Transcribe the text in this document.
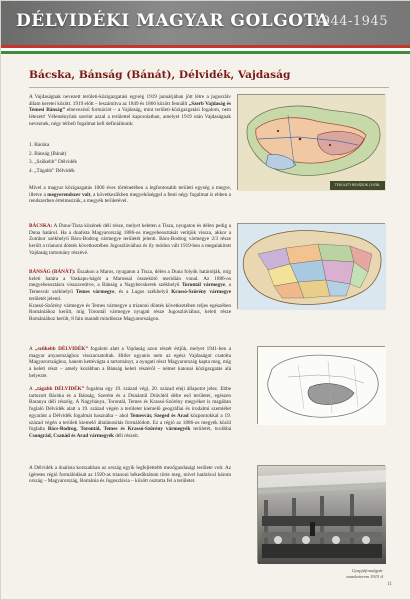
DÉLVIDÉKI MAGYAR GOLGOTA
1944-1945
Bácska, Bánság (Bánát), Délvidék, Vajdaság

A Vajdaságnak nevezett területi-közigazgatási egység 1919 januárjában jött létre a jugoszláv állam keretei között. 1919 előtt – leszámítva az 1849 és 1860 között fennállt „Szerb Vajdaság és Temesi Bánság” elnevezésű formációt – a Vajdaság, mint területi-közigazgatási fogalom, nem létezett! Véleményünk szerint azzal a területtel kapcsolatban, amelyet 1919 után Vajdaságnak neveznek, négy térbeli fogalmat kell definiálnunk:

1. Bácska

2. Bánság (Bánát)

3. „Szűkebb” Délvidék

4. „Tágabb” Délvidék

Mivel a magyar közigazgatás 1000 éves történetében a legfontosabb területi egység a megye, illetve a megyerendszer volt, a következőkben megyehűséggel a fenti négy fogalmat is ebben a rendszerben értelmezzük, a megyék területével.

BÁCSKA: A Duna-Tisza közének déli része, melyet keleten a Tisza, nyugaton és délen pedig a Duna határol. Ha a dualista Magyarország 1886-os megyebeosztását vetítjük vissza, akkor a Zombor székhelyű Bács-Bodrog vármegye területét jelenti. Bács-Bodrog vármegye 2/3 része került a trianoni döntés következtében Jugoszláviához és ily módon vált 1919-ben a megalakított Vajdaság tartomány részévé.

BÁNSÁG (BÁNÁT): Északon a Maros, nyugaton a Tisza, délen a Duna folyók határolják, míg keleti határa a Vaskapu-hágót a Marossal összekötő meridián vonal. Az 1886-os megyebeosztásra visszavetítve, a Bánság a Nagybecskerek székhelyű Torontál vármegye, a Temesvár székhelyű Temes vármegye, és a Lugos székhelyű Krassó-Szörény vármegye területét jelenti.

Krassó-Szörény vármegye és Temes vármegye a trianoni döntés következtében teljes egészében Romániához került, míg Torontál vármegye nyugati része Jugoszláviához, keleti része Romániához került, 8 falu maradt mindössze Magyarországon.

A „szűkebb DÉLVIDÉK” fogalom alatt a Vajdaság azon részét értjük, melyet 1941-ben a magyar anyaországhoz visszacsatoltak. Hitler ugyanis nem az egész Vajdaságot csatolta Magyarországhoz, hanem kettévágta a tartományt, a nyugati részt Magyarország kapta meg, míg a keleti részt – amely korábban a Bánság keleti részéről – német katonai közigazgatás alá helyezte.

A „tágabb DÉLVIDÉK” fogalma egy 19. század végi, 20. század eleji állapotot jelez. Ebbe tartozott Bácska és a Bánság, Szerém és a Dunántúl Drávától délre eső területei, egészen Baranya déli részéig. A Nagybánya, Torontál, Temes és Krassó-Szörény megyéket is magában foglaló Délvidék alatt a 19. század végén a területet kiemelő geográfiai és irodalmi szemlélet egyaránt a Délvidék fogalmát használta – ahol Temesvár, Szeged és Arad központokkal a 19. század végén a területi kiemelő általánosítás formálódott. Ez a régió az 1886-os megyék közül foglalta Bács-Bodrog, Torontál, Temes és Krassó-Szörény vármegyék területét, továbbá Csongrád, Csanád és Arad vármegyék déli részeit.

A Délvidék a dualista korszakban az ország egyik legfejlettebb mezőgazdasági területe volt. Az igéretes régió formálódását az 1920-as trianoni békediktátum törte meg, mível határával három ország – Magyarország, Románia és Jugoszlávia – között osztotta fel a területet.

TERÜLETI REVÍZIÓK (1938-1941)
Gyapjúfonalgyár
munkaterem 1915 tl
11
